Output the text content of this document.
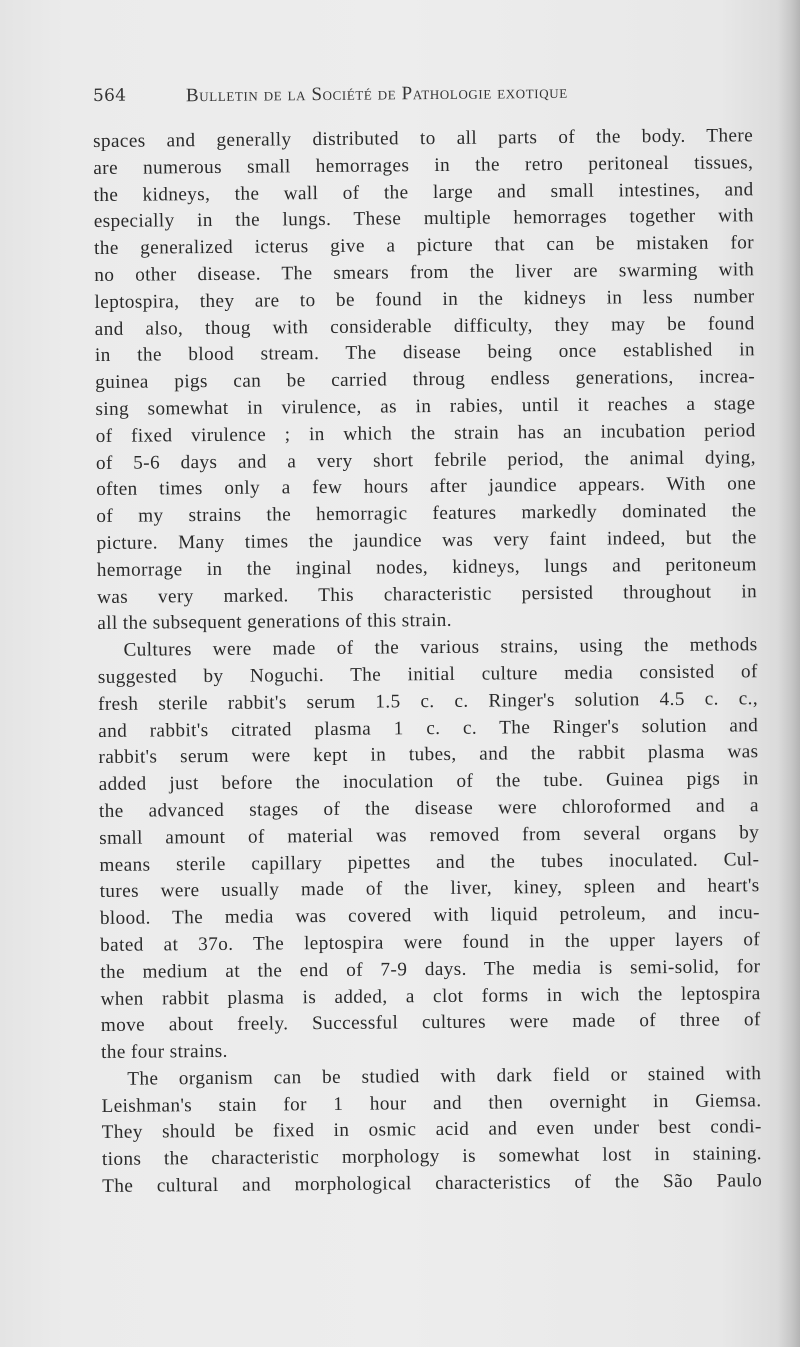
564	Bulletin de la Société de Pathologie exotique
spaces and generally distributed to all parts of the body. There
are numerous small hemorrages in the retro peritoneal tissues,
the kidneys, the wall of the large and small intestines, and
especially in the lungs. These multiple hemorrages together with
the generalized icterus give a picture that can be mistaken for
no other disease. The smears from the liver are swarming with
leptospira, they are to be found in the kidneys in less number
and also, thoug with considerable difficulty, they may be found
in the blood stream. The disease being once established in
guinea pigs can be carried throug endless generations, increa-
sing somewhat in virulence, as in rabies, until it reaches a stage
of fixed virulence ; in which the strain has an incubation period
of 5-6 days and a very short febrile period, the animal dying,
often times only a few hours after jaundice appears. With one
of my strains the hemorragic features markedly dominated the
picture. Many times the jaundice was very faint indeed, but the
hemorrage in the inginal nodes, kidneys, lungs and peritoneum
was very marked. This characteristic persisted throughout in
all the subsequent generations of this strain.
Cultures were made of the various strains, using the methods
suggested by Noguchi. The initial culture media consisted of
fresh sterile rabbit's serum 1.5 c. c. Ringer's solution 4.5 c. c.,
and rabbit's citrated plasma 1 c. c. The Ringer's solution and
rabbit's serum were kept in tubes, and the rabbit plasma was
added just before the inoculation of the tube. Guinea pigs in
the advanced stages of the disease were chloroformed and a
small amount of material was removed from several organs by
means sterile capillary pipettes and the tubes inoculated. Cul-
tures were usually made of the liver, kiney, spleen and heart's
blood. The media was covered with liquid petroleum, and incu-
bated at 37o. The leptospira were found in the upper layers of
the medium at the end of 7-9 days. The media is semi-solid, for
when rabbit plasma is added, a clot forms in wich the leptospira
move about freely. Successful cultures were made of three of
the four strains.
The organism can be studied with dark field or stained with
Leishman's stain for 1 hour and then overnight in Giemsa.
They should be fixed in osmic acid and even under best condi-
tions the characteristic morphology is somewhat lost in staining.
The cultural and morphological characteristics of the São Paulo
